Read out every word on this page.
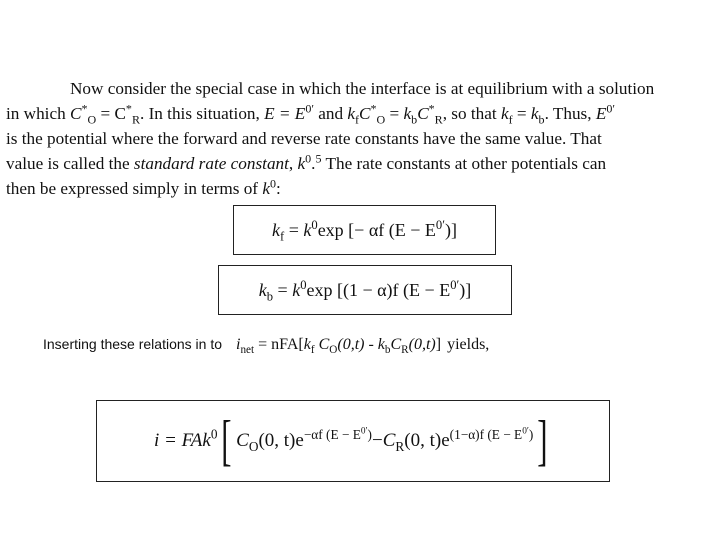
Now consider the special case in which the interface is at equilibrium with a solution
in which $C^*_O = C^*_R$. In this situation, $E = E^{0'}$ and $k_fC^*_O = k_bC^*_R$, so that $k_f = k_b$. Thus, $E^{0'}$
is the potential where the forward and reverse rate constants have the same value. That
value is called the standard rate constant, $k^0.^5$ The rate constants at other potentials can
then be expressed simply in terms of $k^0$:
$k_f = k^0\exp$ [− αf $(E - E^{0'})$]
$k_b = k^0\exp$ [(1 − α)f $(E - E^{0'})$]
Inserting these relations in to $i_{net} = nFA[k_f$ $C_O(0,t) - k_bC_R(0,t)$] yields,
i = FAk$^0$ [ $C_O(0$, $t)e^{-\alpha f (E - E^{0'})} - C_R(0$, $t)e^{(1-\alpha)f (E - E^{0'})}$ ]
